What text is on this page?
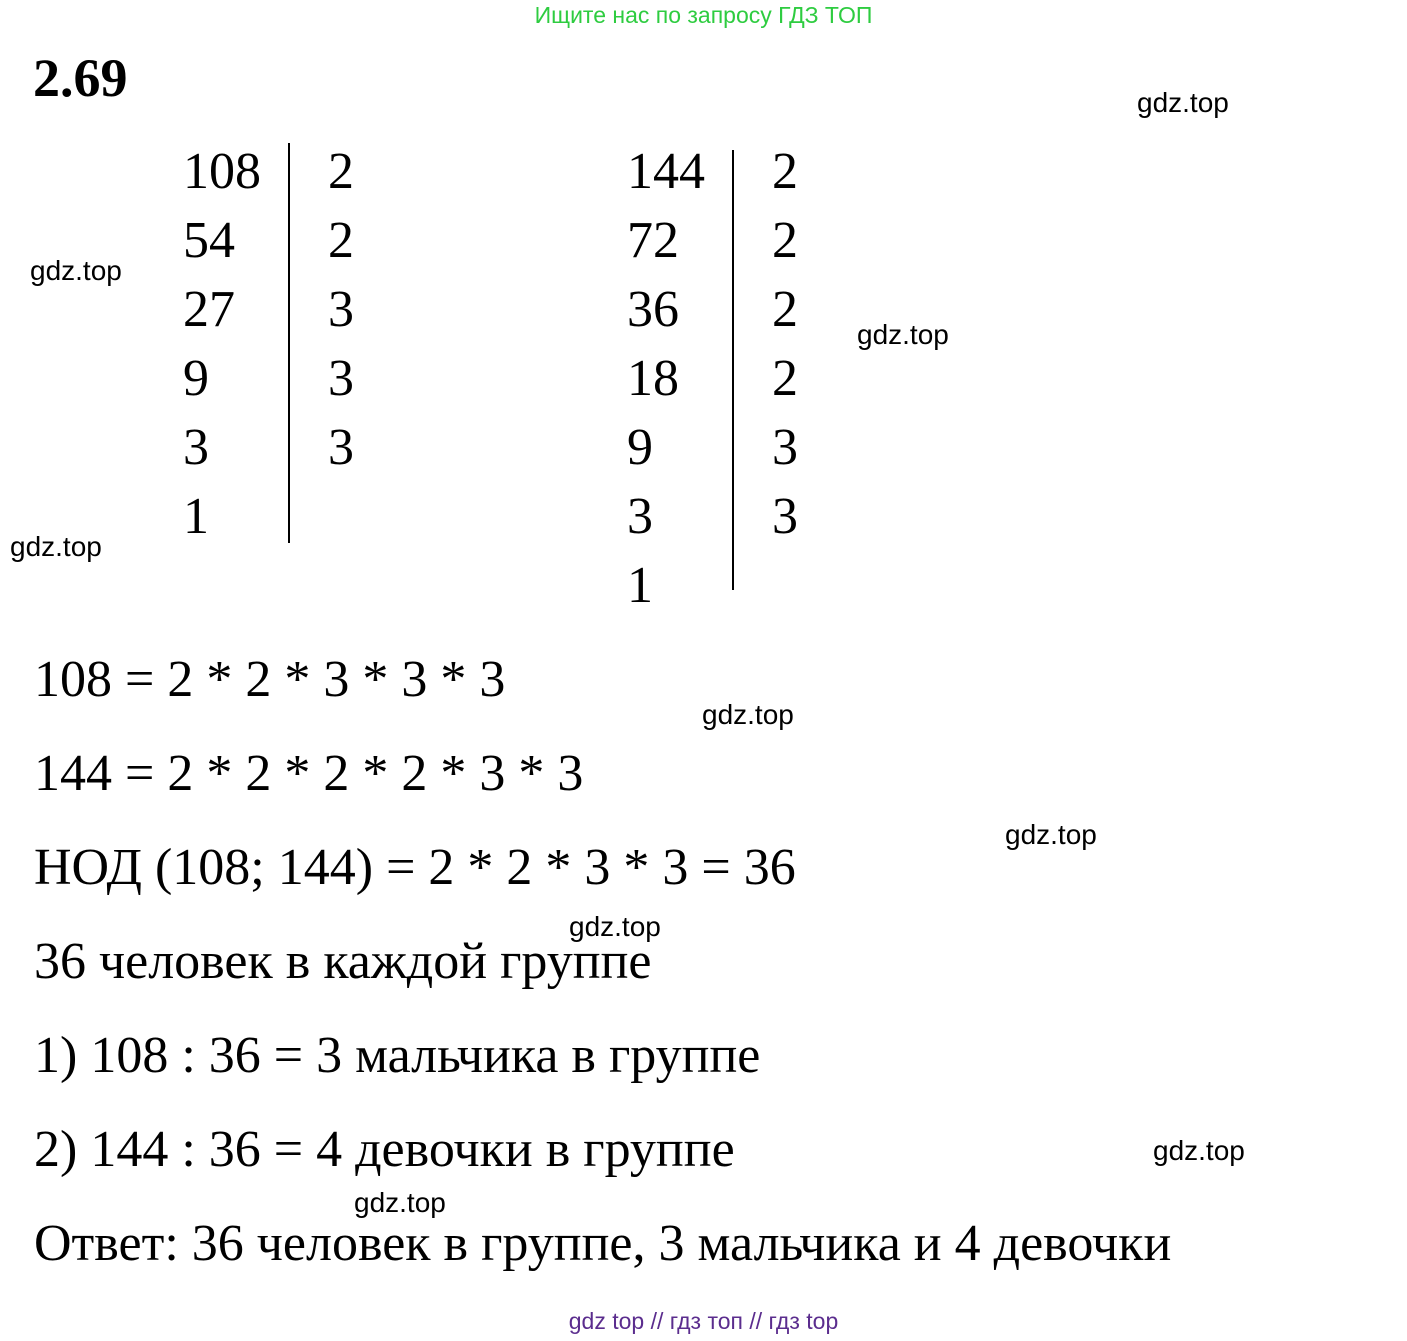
Ищите нас по запросу ГДЗ ТОП
2.69	gdz.top
gdz.top
gdz.top
gdz.top
gdz.top
gdz.top
gdz.top
gdz.top
gdz.top
108
54
27
9
3
1
2
2
3
3
3
144
72
36
18
9
3
1
2
2
2
2
3
3
108 = 2 * 2 * 3 * 3 * 3
144 = 2 * 2 * 2 * 2 * 3 * 3
НОД (108; 144) = 2 * 2 * 3 * 3 = 36
36 человек в каждой группе
1) 108 : 36 = 3 мальчика в группе
2) 144 : 36 = 4 девочки в группе
Ответ: 36 человек в группе, 3 мальчика и 4 девочки
gdz top // гдз топ // гдз top
